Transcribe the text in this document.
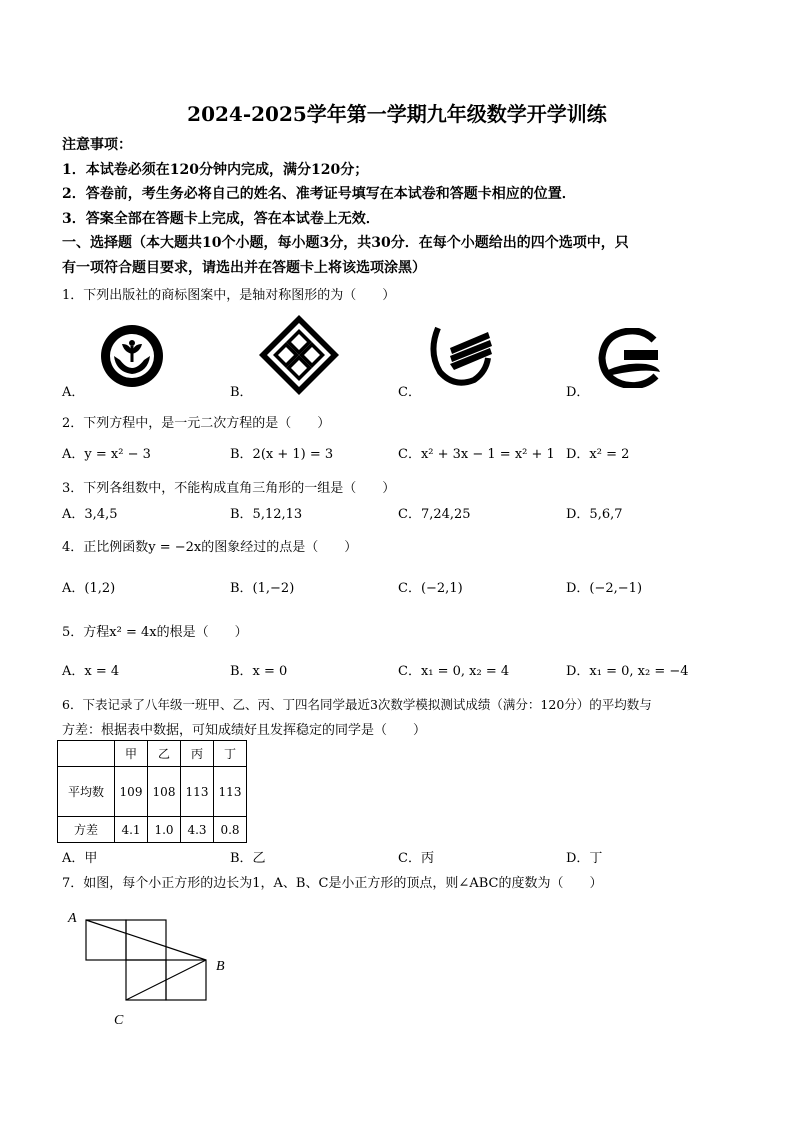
2024-2025学年第一学期九年级数学开学训练
注意事项：
1．本试卷必须在120分钟内完成，满分120分；
2．答卷前，考生务必将自己的姓名、准考证号填写在本试卷和答题卡相应的位置．
3．答案全部在答题卡上完成，答在本试卷上无效．
一、选择题（本大题共10个小题，每小题3分，共30分．在每个小题给出的四个选项中，只
有一项符合题目要求，请选出并在答题卡上将该选项涂黑）
1．下列出版社的商标图案中，是轴对称图形的为（　　）
A．	B．	C．	D．
2．下列方程中，是一元二次方程的是（　　）
A．y = x² − 3	B．2(x + 1) = 3	C．x² + 3x − 1 = x² + 1 D．x² = 2
3．下列各组数中，不能构成直角三角形的一组是（　　）
A．3,4,5	B．5,12,13	C．7,24,25	D．5,6,7
4．正比例函数y = −2x的图象经过的点是（　　）
A．(1,2)	B．(1,−2)	C．(−2,1)	D．(−2,−1)
5．方程x² = 4x的根是（　　）
A．x = 4	B．x = 0	C．x₁ = 0, x₂ = 4	D．x₁ = 0, x₂ = −4
6．下表记录了八年级一班甲、乙、丙、丁四名同学最近3次数学模拟测试成绩（满分：120分）的平均数与
方差：根据表中数据，可知成绩好且发挥稳定的同学是（　　）
	甲	乙	丙	丁
平均数	109	108	113	113
方差	4.1	1.0	4.3	0.8
A．甲	B．乙	C．丙	D．丁
7．如图，每个小正方形的边长为1，A、B、C是小正方形的顶点，则∠ABC的度数为（　　）
A
B
C
